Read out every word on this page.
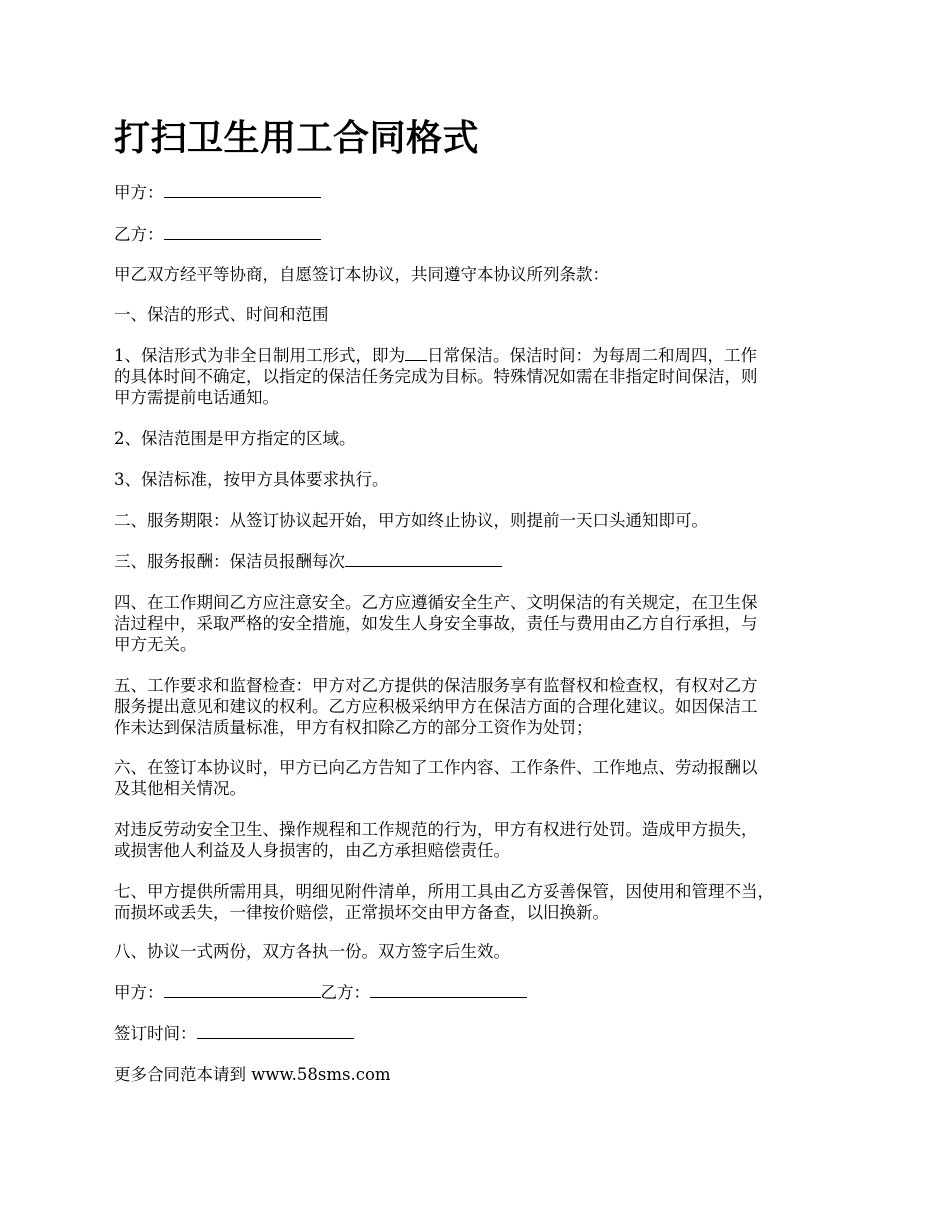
打扫卫生用工合同格式

甲方：

乙方：

甲乙双方经平等协商，自愿签订本协议，共同遵守本协议所列条款：

一、保洁的形式、时间和范围

1、保洁形式为非全日制用工形式，即为 日常保洁。保洁时间：为每周二和周四，工作
的具体时间不确定，以指定的保洁任务完成为目标。特殊情况如需在非指定时间保洁，则
甲方需提前电话通知。

2、保洁范围是甲方指定的区域。

3、保洁标准，按甲方具体要求执行。

二、服务期限：从签订协议起开始，甲方如终止协议，则提前一天口头通知即可。

三、服务报酬：保洁员报酬每次

四、在工作期间乙方应注意安全。乙方应遵循安全生产、文明保洁的有关规定，在卫生保
洁过程中，采取严格的安全措施，如发生人身安全事故，责任与费用由乙方自行承担，与
甲方无关。

五、工作要求和监督检查：甲方对乙方提供的保洁服务享有监督权和检查权，有权对乙方
服务提出意见和建议的权利。乙方应积极采纳甲方在保洁方面的合理化建议。如因保洁工
作未达到保洁质量标准，甲方有权扣除乙方的部分工资作为处罚；

六、在签订本协议时，甲方已向乙方告知了工作内容、工作条件、工作地点、劳动报酬以
及其他相关情况。

对违反劳动安全卫生、操作规程和工作规范的行为，甲方有权进行处罚。造成甲方损失，
或损害他人利益及人身损害的，由乙方承担赔偿责任。

七、甲方提供所需用具，明细见附件清单，所用工具由乙方妥善保管，因使用和管理不当，
而损坏或丢失，一律按价赔偿，正常损坏交由甲方备查，以旧换新。

八、协议一式两份，双方各执一份。双方签字后生效。

甲方：	乙方：

签订时间：

更多合同范本请到 www.58sms.com
